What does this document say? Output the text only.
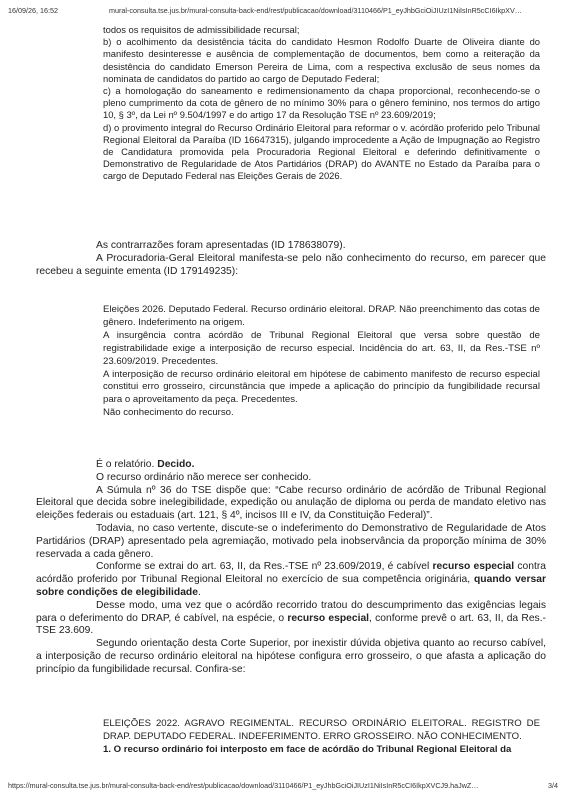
16/09/26, 16:52	mural-consulta.tse.jus.br/mural-consulta-back-end/rest/publicacao/download/3110466/P1_eyJhbGciOiJIUzI1NiIsInR5cCI6IkpXV…

todos os requisitos de admissibilidade recursal;

b) o acolhimento da desistência tácita do candidato Hesmon Rodolfo Duarte de Oliveira diante do manifesto desinteresse e ausência de complementação de documentos, bem como a reiteração da desistência do candidato Emerson Pereira de Lima, com a respectiva exclusão de seus nomes da nominata de candidatos do partido ao cargo de Deputado Federal;

c) a homologação do saneamento e redimensionamento da chapa proporcional, reconhecendo-se o pleno cumprimento da cota de gênero de no mínimo 30% para o gênero feminino, nos termos do artigo 10, § 3º, da Lei nº 9.504/1997 e do artigo 17 da Resolução TSE nº 23.609/2019;

d) o provimento integral do Recurso Ordinário Eleitoral para reformar o v. acórdão proferido pelo Tribunal Regional Eleitoral da Paraíba (ID 16647315), julgando improcedente a Ação de Impugnação ao Registro de Candidatura promovida pela Procuradoria Regional Eleitoral e deferindo definitivamente o Demonstrativo de Regularidade de Atos Partidários (DRAP) do AVANTE no Estado da Paraíba para o cargo de Deputado Federal nas Eleições Gerais de 2026.

As contrarrazões foram apresentadas (ID 178638079).

A Procuradoria-Geral Eleitoral manifesta-se pelo não conhecimento do recurso, em parecer que recebeu a seguinte ementa (ID 179149235):

Eleições 2026. Deputado Federal. Recurso ordinário eleitoral. DRAP. Não preenchimento das cotas de gênero. Indeferimento na origem.

A insurgência contra acórdão de Tribunal Regional Eleitoral que versa sobre questão de registrabilidade exige a interposição de recurso especial. Incidência do art. 63, II, da Res.-TSE nº 23.609/2019. Precedentes.

A interposição de recurso ordinário eleitoral em hipótese de cabimento manifesto de recurso especial constitui erro grosseiro, circunstância que impede a aplicação do princípio da fungibilidade recursal para o aproveitamento da peça. Precedentes.

Não conhecimento do recurso.

É o relatório. Decido.

O recurso ordinário não merece ser conhecido.

A Súmula nº 36 do TSE dispõe que: “Cabe recurso ordinário de acórdão de Tribunal Regional Eleitoral que decida sobre inelegibilidade, expedição ou anulação de diploma ou perda de mandato eletivo nas eleições federais ou estaduais (art. 121, § 4º, incisos III e IV, da Constituição Federal)”.

Todavia, no caso vertente, discute-se o indeferimento do Demonstrativo de Regularidade de Atos Partidários (DRAP) apresentado pela agremiação, motivado pela inobservância da proporção mínima de 30% reservada a cada gênero.

Conforme se extrai do art. 63, II, da Res.-TSE nº 23.609/2019, é cabível recurso especial contra acórdão proferido por Tribunal Regional Eleitoral no exercício de sua competência originária, quando versar sobre condições de elegibilidade.

Desse modo, uma vez que o acórdão recorrido tratou do descumprimento das exigências legais para o deferimento do DRAP, é cabível, na espécie, o recurso especial, conforme prevê o art. 63, II, da Res.-TSE 23.609.

Segundo orientação desta Corte Superior, por inexistir dúvida objetiva quanto ao recurso cabível, a interposição de recurso ordinário eleitoral na hipótese configura erro grosseiro, o que afasta a aplicação do princípio da fungibilidade recursal. Confira-se:

ELEIÇÕES 2022. AGRAVO REGIMENTAL. RECURSO ORDINÁRIO ELEITORAL. REGISTRO DE DRAP. DEPUTADO FEDERAL. INDEFERIMENTO. ERRO GROSSEIRO. NÃO CONHECIMENTO.

1. O recurso ordinário foi interposto em face de acórdão do Tribunal Regional Eleitoral da

https://mural-consulta.tse.jus.br/mural-consulta-back-end/rest/publicacao/download/3110466/P1_eyJhbGciOiJIUzI1NiIsInR5cCI6IkpXVCJ9.haJwZ…	3/4
